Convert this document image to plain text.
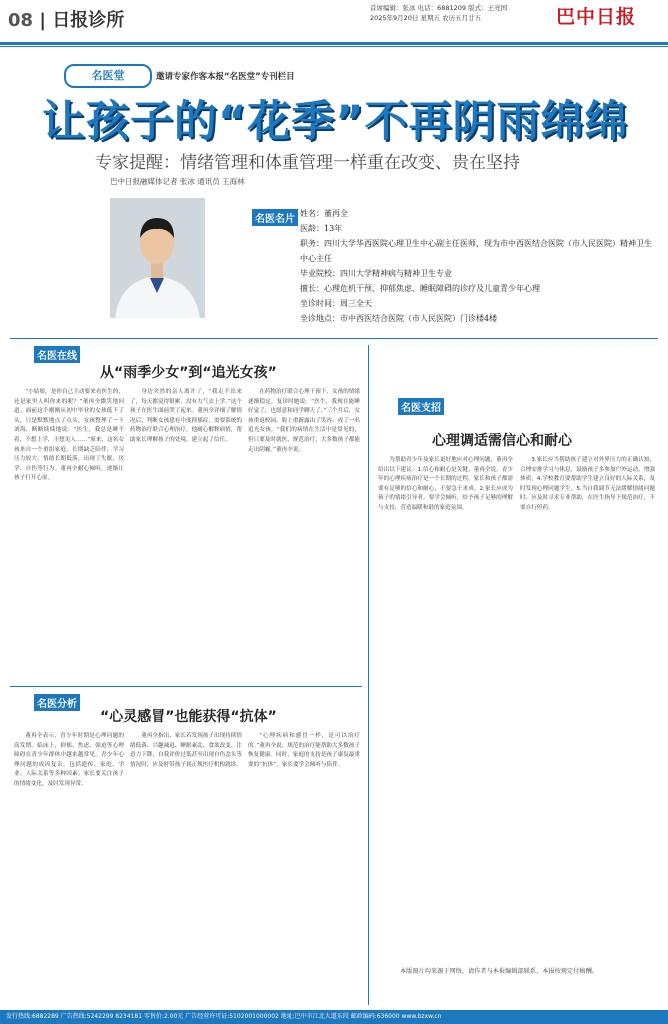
08 | 日报诊所
首席编辑：张冰 电话：6881209 版式：王亮国
2025年9月20日 星期五 农历五月廿五	巴中日报
名医堂	邀请专家作客本报“名医堂”专刊栏目
让孩子的“花季”不再阴雨绵绵
专家提醒：情绪管理和体重管理一样重在改变、贵在坚持
巴中日报融媒体记者 张冰 通讯员 王海林
名医名片
姓名：董再全
医龄：13年
职务：四川大学华西医院心理卫生中心副主任医师，现为市中西医结合医院（市人民医院）精神卫生中心主任
毕业院校：四川大学精神病与精神卫生专业
擅长：心理危机干预、抑郁焦虑、睡眠障碍的诊疗及儿童青少年心理
坐诊时间：周三全天
坐诊地点：市中西医结合医院（市人民医院）门诊楼4楼
名医在线
从“雨季少女”到“追光女孩”

“小姑娘，是你自己主动要来看医生的，还是家里人叫你来的呢？”董再全微笑地问道。面前这个刚刚从初中毕业的女孩低下了头，只是默默地点了点头。女孩整理了一下刘海，断断续续地说：“医生，我总是睡不着，不想上学，不想见人……”原来，这名女孩来自一个重组家庭，长期缺乏陪伴，学习压力较大，情绪长期低落，出现了失眠、厌学、自伤等行为。董再全耐心倾听，逐渐让孩子打开心扉。

身边突然的亲人离开了，“我走不出来了，每天都觉得很累，没有力气去上学。”这个孩子在医生面前哭了起来。董再全详细了解情况后，判断女孩患有中度抑郁症，需要系统的药物治疗联合心理治疗。他耐心解释病情，帮助家长理解孩子的处境，建立起了信任。

在药物治疗联合心理干预下，女孩的情绪逐渐稳定。复诊时她说：“医生，我现在能睡好觉了，也愿意和同学聊天了。”三个月后，女孩重返校园，脸上重新露出了笑容，成了一名追光女孩。“我们的病情在生活中是常见的，但只要及时就医，规范治疗，大多数孩子都能走出阴霾。”董再全说。

名医分析
“心灵感冒”也能获得“抗体”

董再全表示，青少年时期是心理问题的高发期。临床上，抑郁、焦虑、强迫等心理障碍在青少年群体中越来越常见。青少年心理问题的成因复杂，包括遗传、家庭、学业、人际关系等多种因素。家长要关注孩子的情绪变化，及时发现异常。

董再全指出，家长若发现孩子出现持续情绪低落、兴趣减退、睡眠紊乱、食欲改变、注意力下降、自我评价过低甚至出现自伤念头等情况时，应及时带孩子到正规医疗机构就诊。

“心理疾病和感冒一样，是可以治疗的。”董再全说，规范的治疗能帮助大多数孩子恢复健康。同时，家庭的支持是孩子康复最重要的“抗体”，家长要学会倾听与陪伴。

名医支招
心理调适需信心和耐心

为帮助青少年及家长更好地应对心理问题，董再全给出以下建议：1.信心和耐心是关键。董再全说，青少年的心理疾病治疗是一个长期的过程，家长和孩子都需要有足够的信心和耐心，不要急于求成。2.家长应成为孩子的情绪引导者。要学会倾听，给予孩子足够的理解与支持，营造温暖和谐的家庭氛围。

3.家长应当帮助孩子建立对外界压力的正确认知，合理安排学习与休息，鼓励孩子多参加户外运动，增强体质。4.学校教育要帮助学生建立良好的人际关系，及时发现心理问题学生。5.当自我调节无法缓解情绪问题时，应及时寻求专业帮助，在医生指导下规范治疗，不要自行停药。

本版图片均来源于网络，请作者与本报编辑部联系，本报按规定付稿酬。
发行热线:6882289 广告热线:5242299 8234181 零售价:2.00元 广告经营许可证:5102001000002 地址:巴中市江北大道东段 邮政编码:636000 www.bzxw.cn
